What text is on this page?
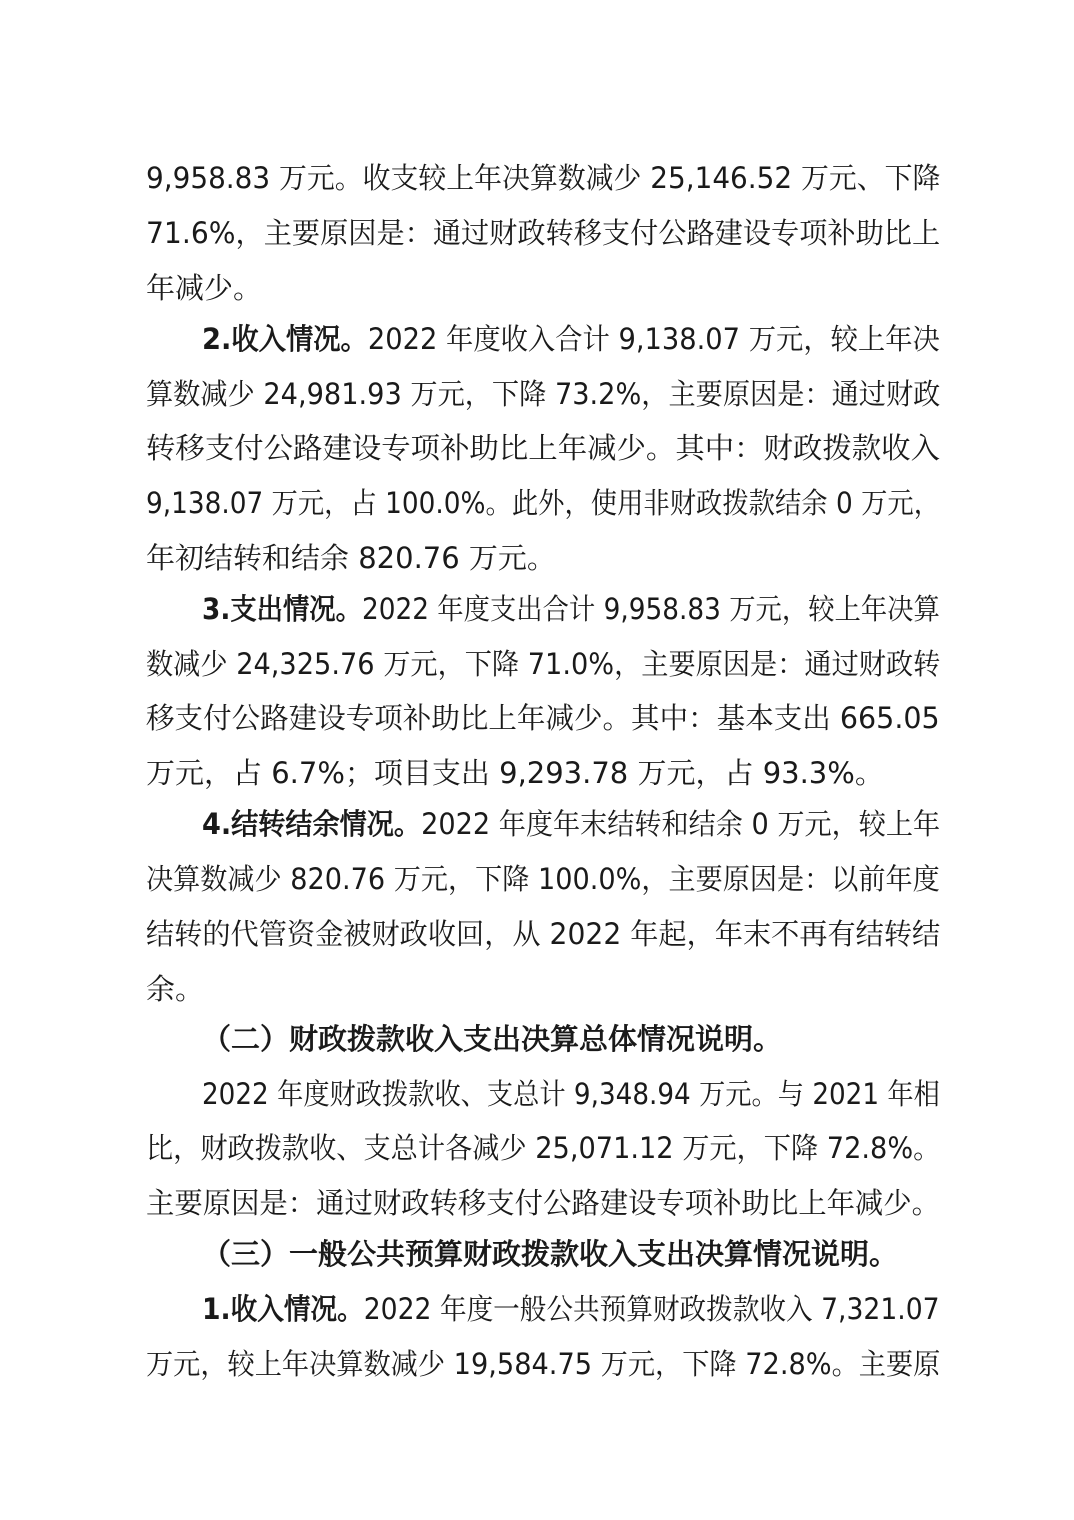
9,958.83 万元。收支较上年决算数减少 25,146.52 万元、下降
71.6%，主要原因是：通过财政转移支付公路建设专项补助比上
年减少。
2.收入情况。2022 年度收入合计 9,138.07 万元，较上年决
算数减少 24,981.93 万元，下降 73.2%，主要原因是：通过财政
转移支付公路建设专项补助比上年减少。其中：财政拨款收入
9,138.07 万元，占 100.0%。此外，使用非财政拨款结余 0 万元，
年初结转和结余 820.76 万元。
3.支出情况。2022 年度支出合计 9,958.83 万元，较上年决算
数减少 24,325.76 万元，下降 71.0%，主要原因是：通过财政转
移支付公路建设专项补助比上年减少。其中：基本支出 665.05
万元，占 6.7%；项目支出 9,293.78 万元，占 93.3%。
4.结转结余情况。2022 年度年末结转和结余 0 万元，较上年
决算数减少 820.76 万元，下降 100.0%，主要原因是：以前年度
结转的代管资金被财政收回，从 2022 年起，年末不再有结转结
余。
（二）财政拨款收入支出决算总体情况说明。
2022 年度财政拨款收、支总计 9,348.94 万元。与 2021 年相
比，财政拨款收、支总计各减少 25,071.12 万元，下降 72.8%。
主要原因是：通过财政转移支付公路建设专项补助比上年减少。
（三）一般公共预算财政拨款收入支出决算情况说明。
1.收入情况。2022 年度一般公共预算财政拨款收入 7,321.07
万元，较上年决算数减少 19,584.75 万元，下降 72.8%。主要原
